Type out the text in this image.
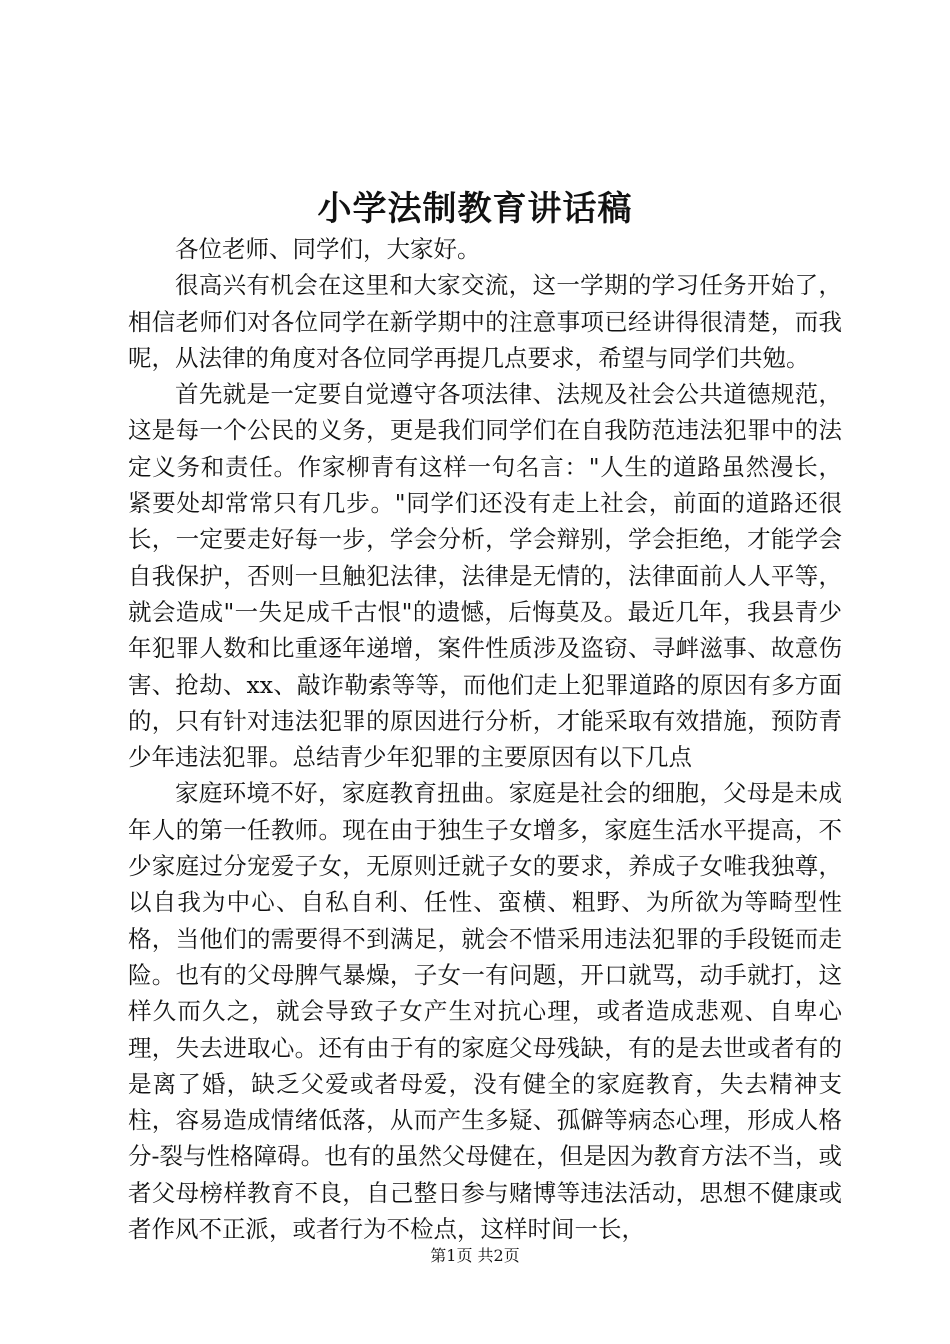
小学法制教育讲话稿

各位老师、同学们，大家好。

很高兴有机会在这里和大家交流，这一学期的学习任务开始了，相信老师们对各位同学在新学期中的注意事项已经讲得很清楚，而我呢，从法律的角度对各位同学再提几点要求，希望与同学们共勉。

首先就是一定要自觉遵守各项法律、法规及社会公共道德规范，这是每一个公民的义务，更是我们同学们在自我防范违法犯罪中的法定义务和责任。作家柳青有这样一句名言："人生的道路虽然漫长，紧要处却常常只有几步。"同学们还没有走上社会，前面的道路还很长，一定要走好每一步，学会分析，学会辩别，学会拒绝，才能学会自我保护，否则一旦触犯法律，法律是无情的，法律面前人人平等，就会造成"一失足成千古恨"的遗憾，后悔莫及。最近几年，我县青少年犯罪人数和比重逐年递增，案件性质涉及盗窃、寻衅滋事、故意伤害、抢劫、xx、敲诈勒索等等，而他们走上犯罪道路的原因有多方面的，只有针对违法犯罪的原因进行分析，才能采取有效措施，预防青少年违法犯罪。总结青少年犯罪的主要原因有以下几点

家庭环境不好，家庭教育扭曲。家庭是社会的细胞，父母是未成年人的第一任教师。现在由于独生子女增多，家庭生活水平提高，不少家庭过分宠爱子女，无原则迁就子女的要求，养成子女唯我独尊，以自我为中心、自私自利、任性、蛮横、粗野、为所欲为等畸型性格，当他们的需要得不到满足，就会不惜采用违法犯罪的手段铤而走险。也有的父母脾气暴燥，子女一有问题，开口就骂，动手就打，这样久而久之，就会导致子女产生对抗心理，或者造成悲观、自卑心理，失去进取心。还有由于有的家庭父母残缺，有的是去世或者有的是离了婚，缺乏父爱或者母爱，没有健全的家庭教育，失去精神支柱，容易造成情绪低落，从而产生多疑、孤僻等病态心理，形成人格分-裂与性格障碍。也有的虽然父母健在，但是因为教育方法不当，或者父母榜样教育不良，自己整日参与赌博等违法活动，思想不健康或者作风不正派，或者行为不检点，这样时间一长，

第1页 共2页
